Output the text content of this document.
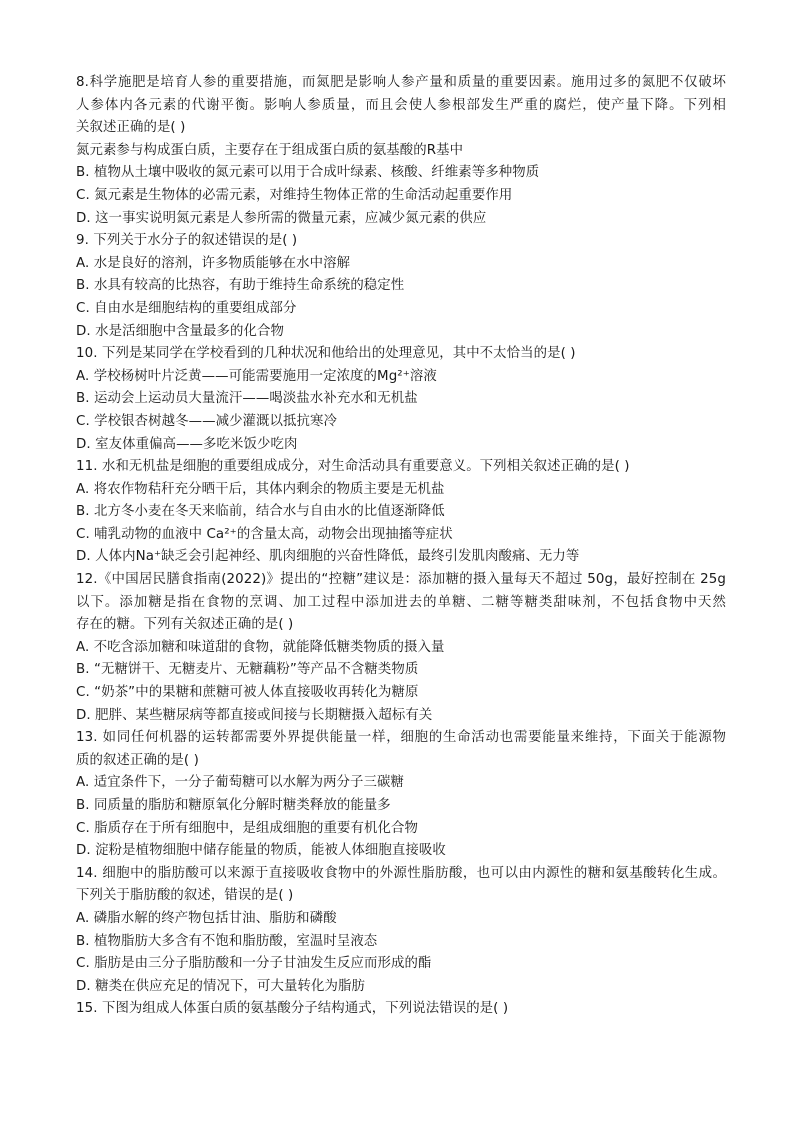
8.科学施肥是培育人参的重要措施，而氮肥是影响人参产量和质量的重要因素。施用过多的氮肥不仅破坏
人参体内各元素的代谢平衡。影响人参质量，而且会使人参根部发生严重的腐烂，使产量下降。下列相
关叙述正确的是( )
氮元素参与构成蛋白质，主要存在于组成蛋白质的氨基酸的R基中
B. 植物从土壤中吸收的氮元素可以用于合成叶绿素、核酸、纤维素等多种物质
C. 氮元素是生物体的必需元素，对维持生物体正常的生命活动起重要作用
D. 这一事实说明氮元素是人参所需的微量元素，应减少氮元素的供应
9. 下列关于水分子的叙述错误的是( )
A. 水是良好的溶剂，许多物质能够在水中溶解
B. 水具有较高的比热容，有助于维持生命系统的稳定性
C. 自由水是细胞结构的重要组成部分
D. 水是活细胞中含量最多的化合物
10. 下列是某同学在学校看到的几种状况和他给出的处理意见，其中不太恰当的是( )
A. 学校杨树叶片泛黄——可能需要施用一定浓度的Mg²⁺溶液
B. 运动会上运动员大量流汗——喝淡盐水补充水和无机盐
C. 学校银杏树越冬——减少灌溉以抵抗寒冷
D. 室友体重偏高——多吃米饭少吃肉
11. 水和无机盐是细胞的重要组成成分，对生命活动具有重要意义。下列相关叙述正确的是( )
A. 将农作物秸秆充分晒干后，其体内剩余的物质主要是无机盐
B. 北方冬小麦在冬天来临前，结合水与自由水的比值逐渐降低
C. 哺乳动物的血液中 Ca²⁺的含量太高，动物会出现抽搐等症状
D. 人体内Na⁺缺乏会引起神经、肌肉细胞的兴奋性降低，最终引发肌肉酸痛、无力等
12.《中国居民膳食指南(2022)》提出的“控糖”建议是：添加糖的摄入量每天不超过 50g，最好控制在 25g
以下。添加糖是指在食物的烹调、加工过程中添加进去的单糖、二糖等糖类甜味剂，不包括食物中天然
存在的糖。下列有关叙述正确的是( )
A. 不吃含添加糖和味道甜的食物，就能降低糖类物质的摄入量
B. “无糖饼干、无糖麦片、无糖藕粉”等产品不含糖类物质
C. “奶茶”中的果糖和蔗糖可被人体直接吸收再转化为糖原
D. 肥胖、某些糖尿病等都直接或间接与长期糖摄入超标有关
13. 如同任何机器的运转都需要外界提供能量一样，细胞的生命活动也需要能量来维持，下面关于能源物
质的叙述正确的是( )
A. 适宜条件下，一分子葡萄糖可以水解为两分子三碳糖
B. 同质量的脂肪和糖原氧化分解时糖类释放的能量多
C. 脂质存在于所有细胞中，是组成细胞的重要有机化合物
D. 淀粉是植物细胞中储存能量的物质，能被人体细胞直接吸收
14. 细胞中的脂肪酸可以来源于直接吸收食物中的外源性脂肪酸，也可以由内源性的糖和氨基酸转化生成。
下列关于脂肪酸的叙述，错误的是( )
A. 磷脂水解的终产物包括甘油、脂肪和磷酸
B. 植物脂肪大多含有不饱和脂肪酸，室温时呈液态
C. 脂肪是由三分子脂肪酸和一分子甘油发生反应而形成的酯
D. 糖类在供应充足的情况下，可大量转化为脂肪
15. 下图为组成人体蛋白质的氨基酸分子结构通式，下列说法错误的是( )
